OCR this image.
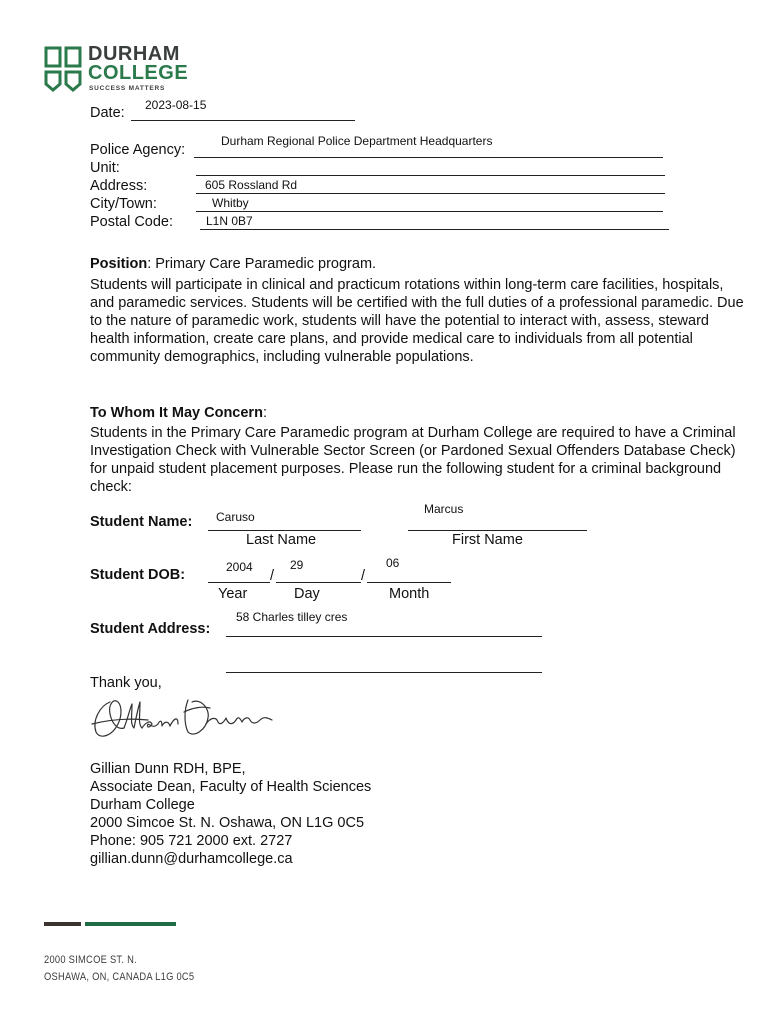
DURHAM
COLLEGE
SUCCESS MATTERS
Date: 2023-08-15
Police Agency:
Durham Regional Police Department Headquarters
Unit:
Address:	605 Rossland Rd
City/Town:	Whitby
Postal Code:	L1N 0B7
Position: Primary Care Paramedic program.
Students will participate in clinical and practicum rotations within long-term care facilities, hospitals, and paramedic services. Students will be certified with the full duties of a professional paramedic. Due to the nature of paramedic work, students will have the potential to interact with, assess, steward health information, create care plans, and provide medical care to individuals from all potential community demographics, including vulnerable populations.
To Whom It May Concern:
Students in the Primary Care Paramedic program at Durham College are required to have a Criminal Investigation Check with Vulnerable Sector Screen (or Pardoned Sexual Offenders Database Check) for unpaid student placement purposes. Please run the following student for a criminal background check:
Student Name: Caruso
Last Name
Marcus
First Name
Student DOB:	2004
/
29
/
06
Year	Day	Month
Student Address:
58 Charles tilley cres
Thank you,
Gillian Dunn RDH, BPE,
Associate Dean, Faculty of Health Sciences
Durham College
2000 Simcoe St. N. Oshawa, ON L1G 0C5
Phone: 905 721 2000 ext. 2727
gillian.dunn@durhamcollege.ca
2000 SIMCOE ST. N.
OSHAWA, ON, CANADA L1G 0C5
